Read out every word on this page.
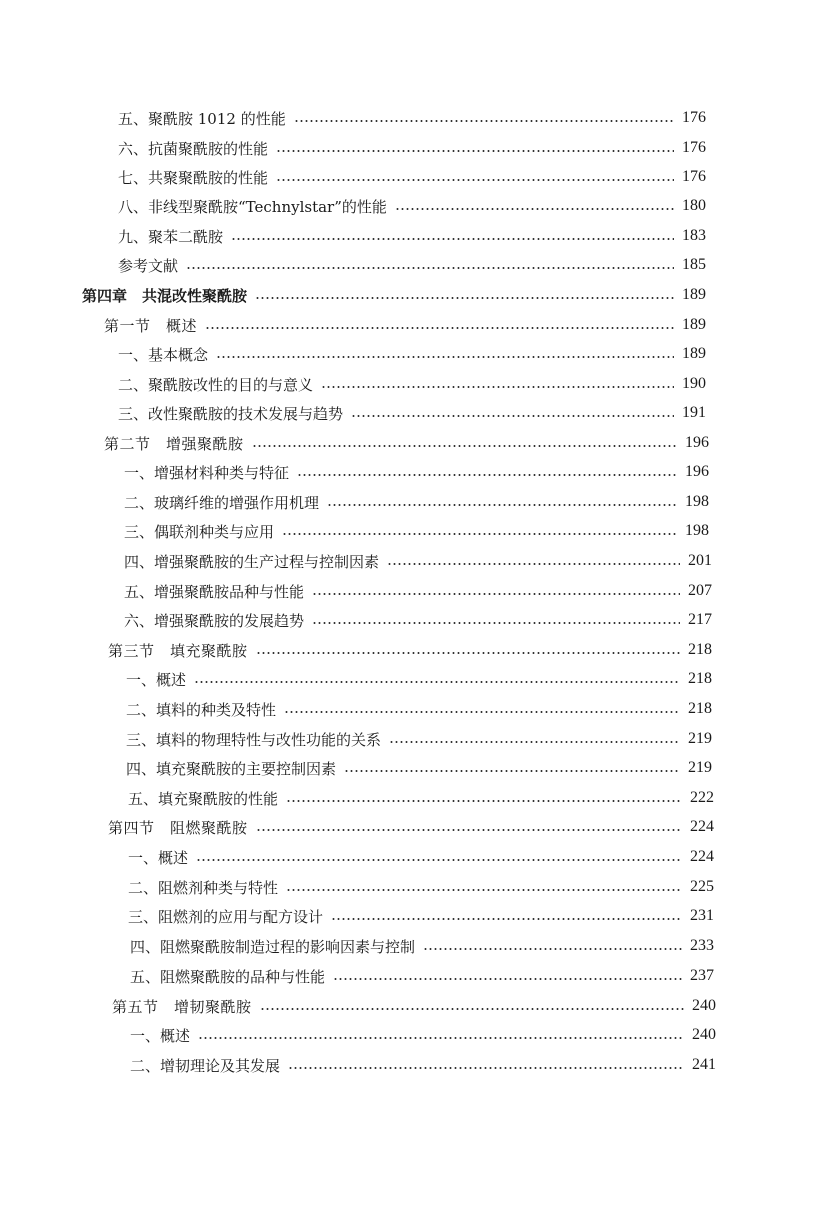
五、聚酰胺 1012 的性能	176
六、抗菌聚酰胺的性能	176
七、共聚聚酰胺的性能	176
八、非线型聚酰胺“Technylstar”的性能	180
九、聚苯二酰胺	183
参考文献	185
第四章　共混改性聚酰胺	189
第一节　概述	189
一、基本概念	189
二、聚酰胺改性的目的与意义	190
三、改性聚酰胺的技术发展与趋势	191
第二节　增强聚酰胺	196
一、增强材料种类与特征	196
二、玻璃纤维的增强作用机理	198
三、偶联剂种类与应用	198
四、增强聚酰胺的生产过程与控制因素	201
五、增强聚酰胺品种与性能	207
六、增强聚酰胺的发展趋势	217
第三节　填充聚酰胺	218
一、概述	218
二、填料的种类及特性	218
三、填料的物理特性与改性功能的关系	219
四、填充聚酰胺的主要控制因素	219
五、填充聚酰胺的性能	222
第四节　阻燃聚酰胺	224
一、概述	224
二、阻燃剂种类与特性	225
三、阻燃剂的应用与配方设计	231
四、阻燃聚酰胺制造过程的影响因素与控制	233
五、阻燃聚酰胺的品种与性能	237
第五节　增韧聚酰胺	240
一、概述	240
二、增韧理论及其发展	241
